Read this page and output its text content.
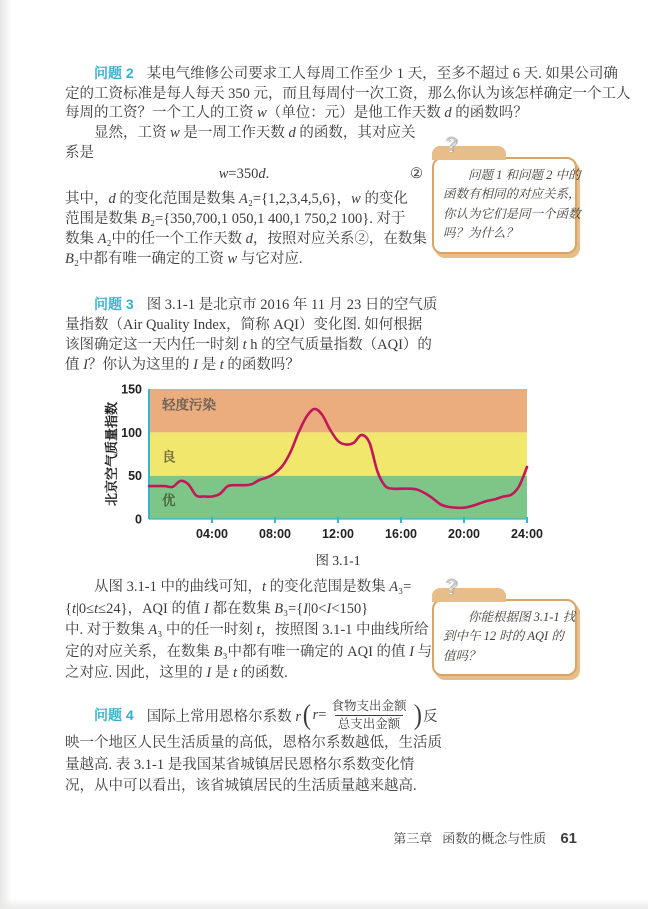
问题 2 某电气维修公司要求工人每周工作至少 1 天，至多不超过 6 天. 如果公司确
定的工资标准是每人每天 350 元，而且每周付一次工资，那么你认为该怎样确定一个工人
每周的工资？一个工人的工资 w（单位：元）是他工作天数 d 的函数吗？
显然，工资 w 是一周工作天数 d 的函数，其对应关
系是
w=350d.	②
其中，d 的变化范围是数集 A₂={1,2,3,4,5,6}，w 的变化
范围是数集 B₂={350,700,1 050,1 400,1 750,2 100}. 对于
数集 A₂中的任一个工作天数 d，按照对应关系②，在数集
B₂中都有唯一确定的工资 w 与它对应.
问题 3 图 3.1-1 是北京市 2016 年 11 月 23 日的空气质
量指数（Air Quality Index，简称 AQI）变化图. 如何根据
该图确定这一天内任一时刻 t h 的空气质量指数（AQI）的
值 I？你认为这里的 I 是 t 的函数吗？
优
良
轻度污染
04:00 08:00 12:00 16:00 20:00 24:00
0
50
100
150
北京空气质量指数
图 3.1-1
从图 3.1-1 中的曲线可知，t 的变化范围是数集 A₃=
{t|0≤t≤24}，AQI 的值 I 都在数集 B₃={I|0<I<150}
中. 对于数集 A₃ 中的任一时刻 t，按照图 3.1-1 中曲线所给
定的对应关系，在数集 B₃中都有唯一确定的 AQI 的值 I 与
之对应. 因此，这里的 I 是 t 的函数.
问题 4 国际上常用恩格尔系数 r ( $r= \frac{\text{食物支出金额}}{\text{总支出金额}}$ ) 反
映一个地区人民生活质量的高低，恩格尔系数越低，生活质
量越高. 表 3.1-1 是我国某省城镇居民恩格尔系数变化情
况，从中可以看出，该省城镇居民的生活质量越来越高.
?
问题 1 和问题 2 中的
函数有相同的对应关系，
你认为它们是同一个函数
吗？为什么？
?
你能根据图 3.1-1 找
到中午 12 时的 AQI 的
值吗？
第三章 函数的概念与性质 61
